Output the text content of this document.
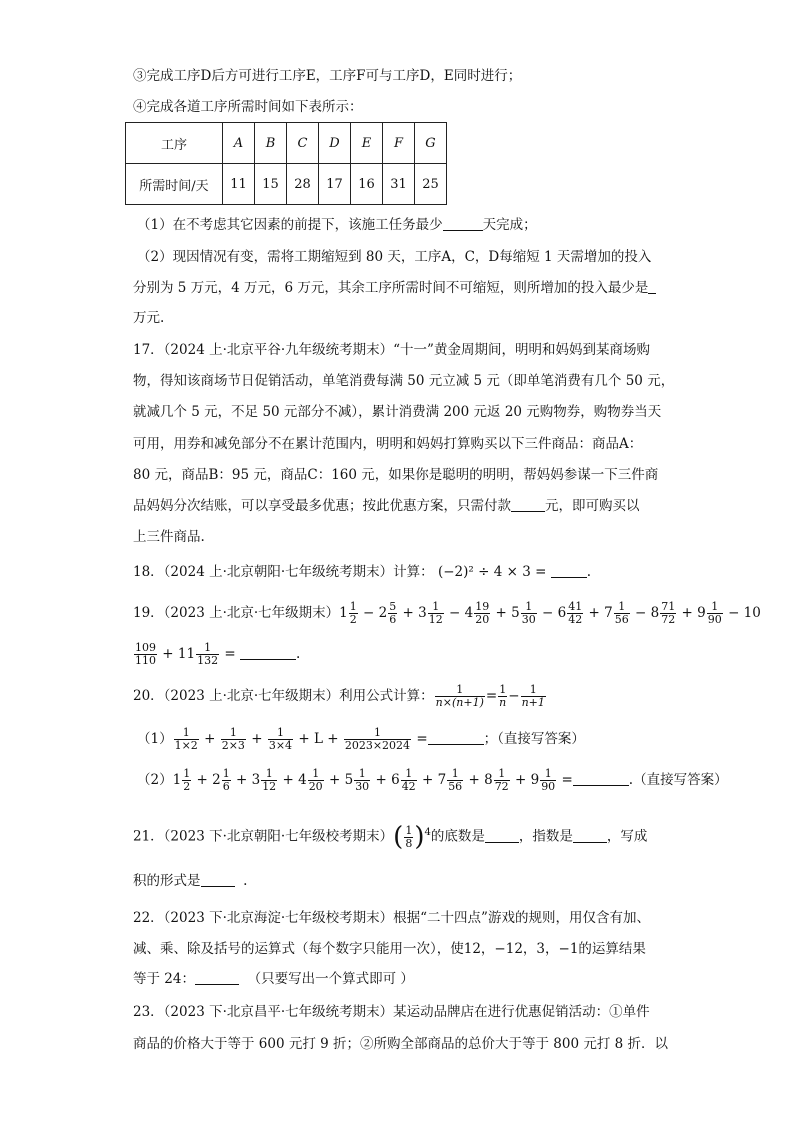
③完成工序D后方可进行工序E，工序F可与工序D，E同时进行；
④完成各道工序所需时间如下表所示：
工序	A	B	C	D	E	F	G
所需时间/天	11	15	28	17	16	31	25
（1）在不考虑其它因素的前提下，该施工任务最少	天完成；
（2）现因情况有变，需将工期缩短到 80 天，工序A，C，D每缩短 1 天需增加的投入
分别为 5 万元，4 万元，6 万元，其余工序所需时间不可缩短，则所增加的投入最少是
万元.
17．（2024 上·北京平谷·九年级统考期末）“十一”黄金周期间，明明和妈妈到某商场购
物，得知该商场节日促销活动，单笔消费每满 50 元立减 5 元（即单笔消费有几个 50 元，
就减几个 5 元，不足 50 元部分不减），累计消费满 200 元返 20 元购物券，购物券当天
可用，用券和减免部分不在累计范围内，明明和妈妈打算购买以下三件商品：商品A：
80 元，商品B：95 元，商品C：160 元，如果你是聪明的明明，帮妈妈参谋一下三件商
品妈妈分次结账，可以享受最多优惠；按此优惠方案，只需付款	元，即可购买以
上三件商品.
18．（2024 上·北京朝阳·七年级统考期末）计算： (−2)² ÷ 4 × 3 =	.
19．（2023 上·北京·七年级期末）$1 \frac{1}{2} - 2 \frac{5}{6} + 3 \frac{1}{12} - 4 \frac{19}{20} + 5 \frac{1}{30} - 6 \frac{41}{42} + 7 \frac{1}{56} - 8 \frac{71}{72} + 9 \frac{1}{90} - 10$
$\frac{109}{110} + 11 \frac{1}{132}$ =	.
20．（2023 上·北京·七年级期末）利用公式计算： $\frac{1}{n\times(n+1)} = \frac{1}{n} - \frac{1}{n+1}$
$(1) \frac{1}{1\times 2} + \frac{1}{2\times 3} + \frac{1}{3\times 4} + L + \frac{1}{2023\times 2024}$ =	；（直接写答案）
$(2)1 \frac{1}{2} + 2 \frac{1}{6} + 3 \frac{1}{12} + 4 \frac{1}{20} + 5 \frac{1}{30} + 6 \frac{1}{42} + 7 \frac{1}{56} + 8 \frac{1}{72} + 9 \frac{1}{90}$ =	.（直接写答案）
21．（2023 下·北京朝阳·七年级校考期末）( $\frac{1}{8} )^4$的底数是	，指数是	，写成
积的形式是	.
22．（2023 下·北京海淀·七年级校考期末）根据“二十四点”游戏的规则，用仅含有加、
减、乘、除及括号的运算式（每个数字只能用一次），使12，−12，3，−1的运算结果
等于 24：	（只要写出一个算式即可 ）
23．（2023 下·北京昌平·七年级统考期末）某运动品牌店在进行优惠促销活动：①单件
商品的价格大于等于 600 元打 9 折；②所购全部商品的总价大于等于 800 元打 8 折．以
